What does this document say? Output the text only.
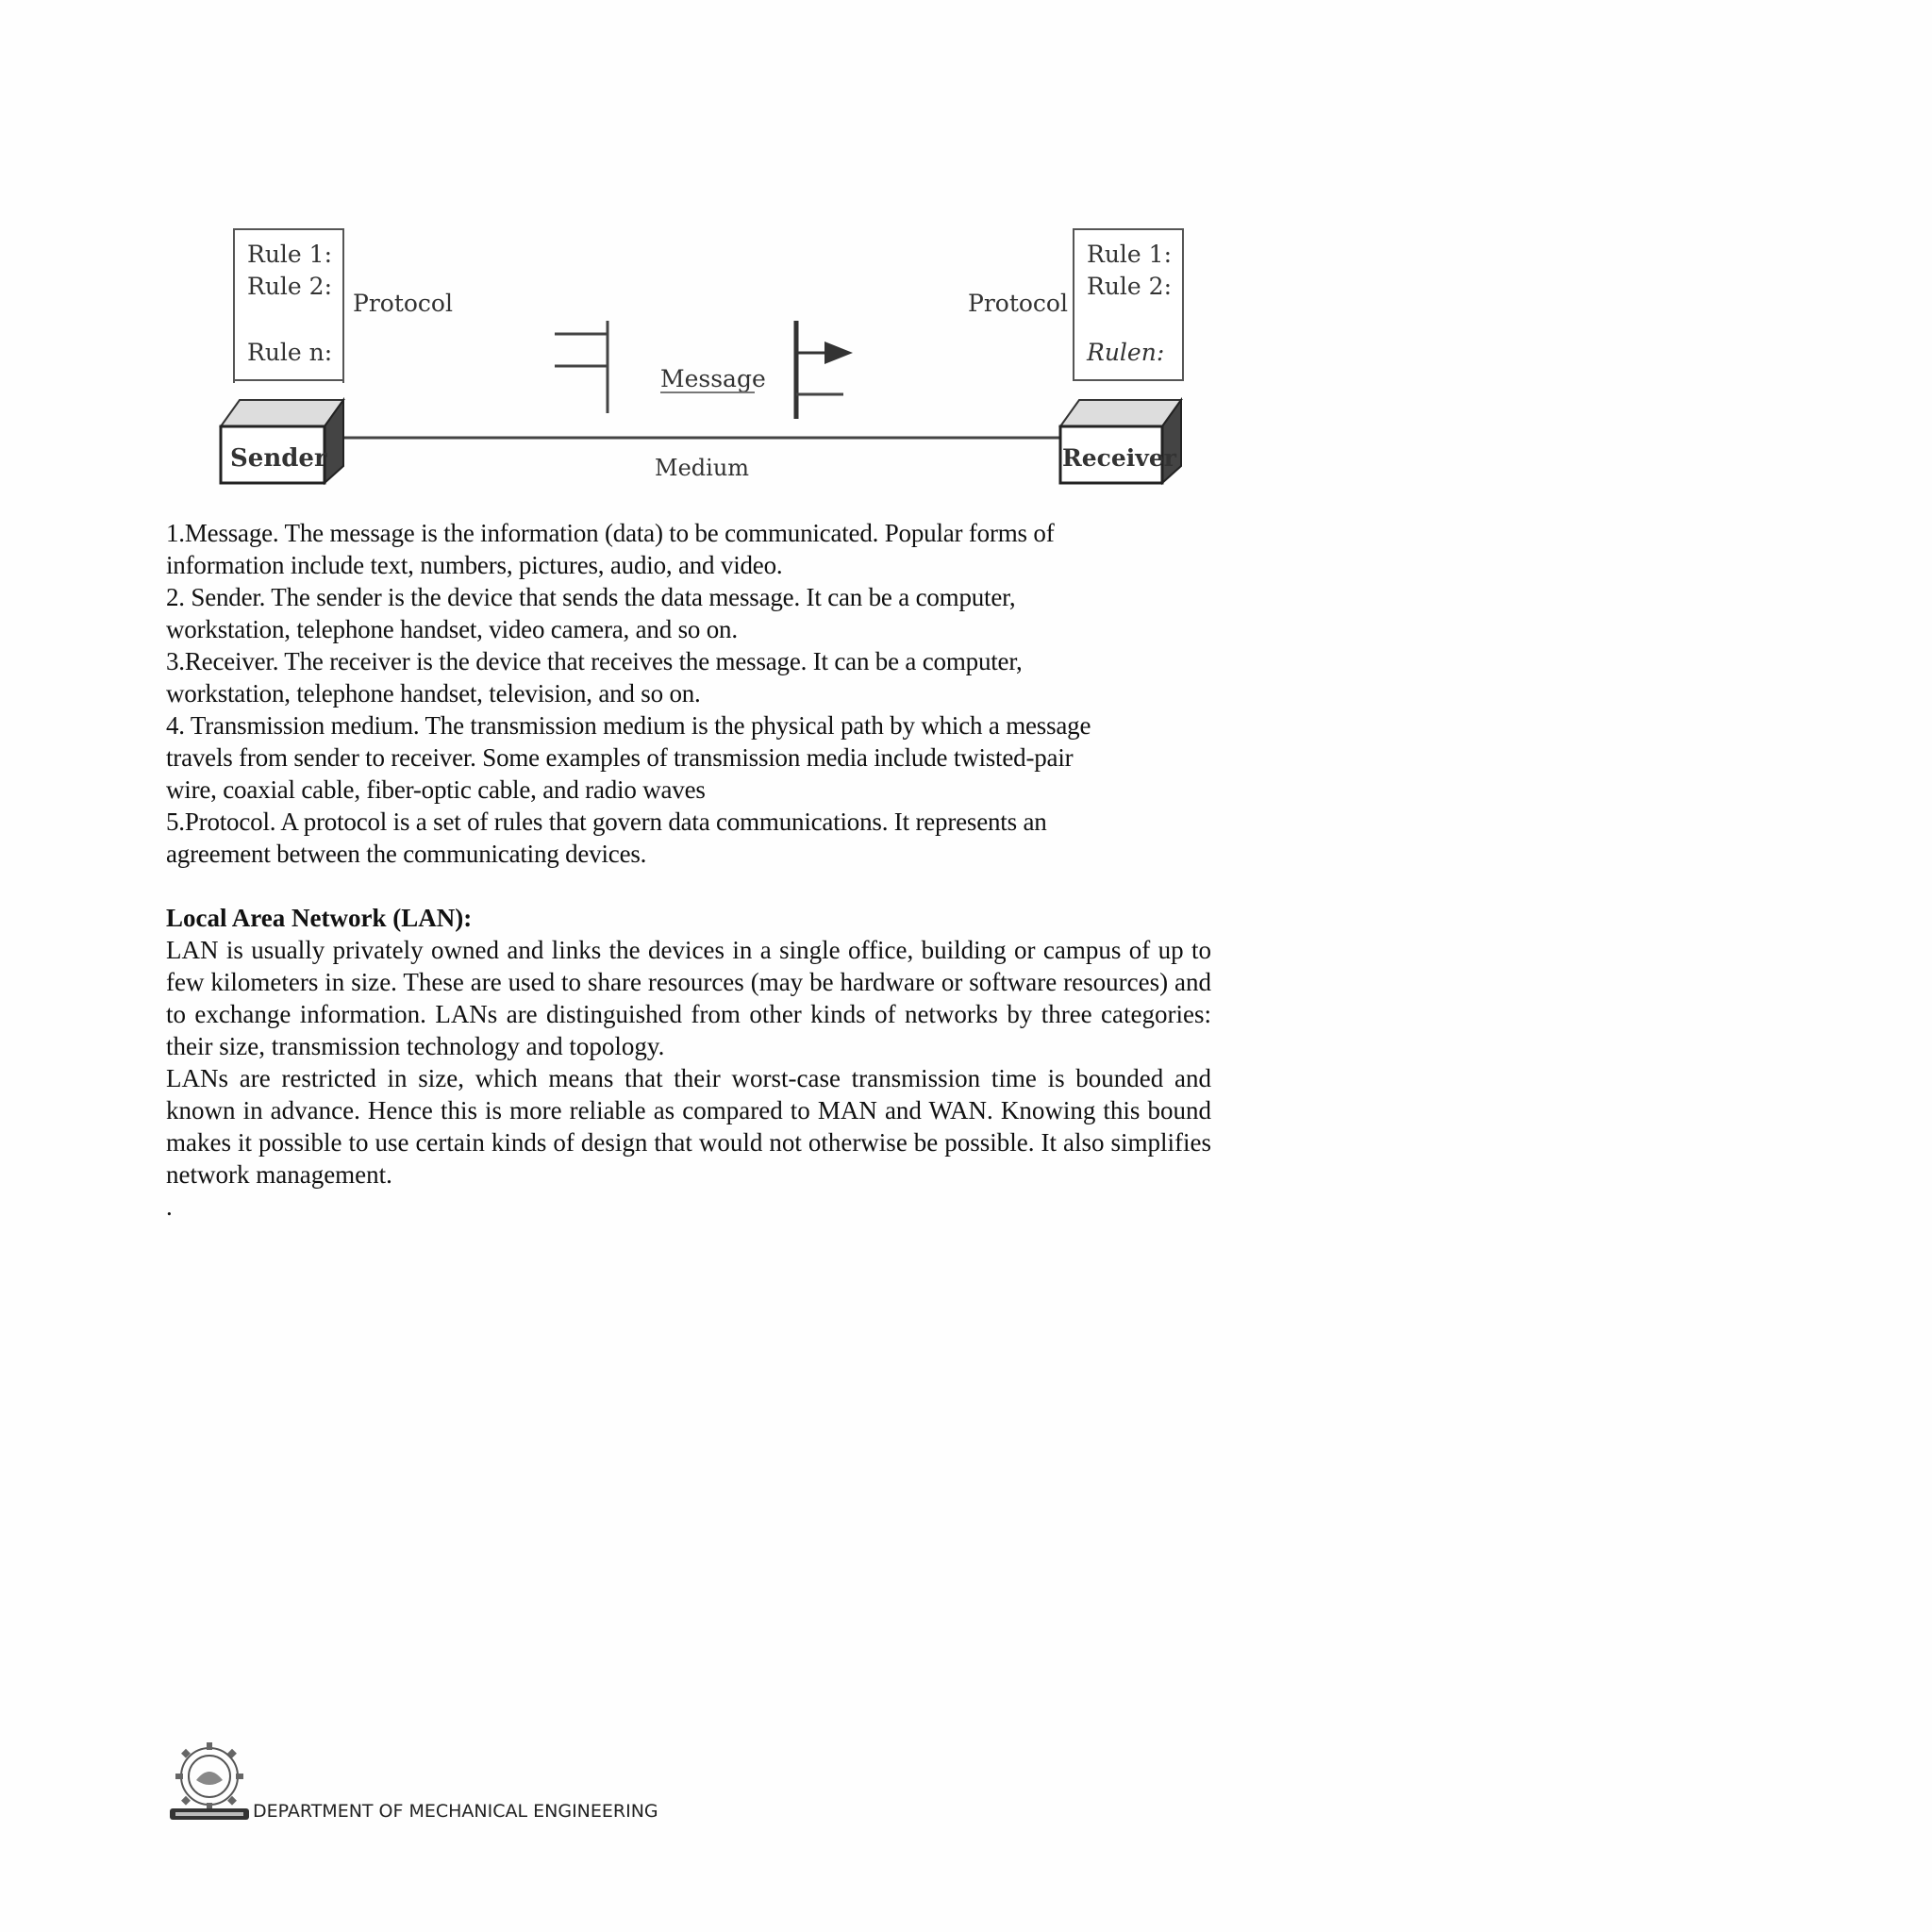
Rule 1:
Rule 2:
Rule n:
Protocol
Rule 1:
Rule 2:
Rulen:
Protocol
Message
Medium
Sender	Receiver

1.Message. The message is the information (data) to be communicated. Popular forms of

information include text, numbers, pictures, audio, and video.

2. Sender. The sender is the device that sends the data message. It can be a computer,

workstation, telephone handset, video camera, and so on.

3.Receiver. The receiver is the device that receives the message. It can be a computer,

workstation, telephone handset, television, and so on.

4. Transmission medium. The transmission medium is the physical path by which a message

travels from sender to receiver. Some examples of transmission media include twisted-pair

wire, coaxial cable, fiber-optic cable, and radio waves

5.Protocol. A protocol is a set of rules that govern data communications. It represents an

agreement between the communicating devices.

Local Area Network (LAN):

LAN is usually privately owned and links the devices in a single office, building or campus of up to few kilometers in size. These are used to share resources (may be hardware or software resources) and to exchange information. LANs are distinguished from other kinds of networks by three categories: their size, transmission technology and topology.

LANs are restricted in size, which means that their worst-case transmission time is bounded and known in advance. Hence this is more reliable as compared to MAN and WAN. Knowing this bound makes it possible to use certain kinds of design that would not otherwise be possible. It also simplifies network management.

.

DEPARTMENT OF MECHANICAL ENGINEERING
